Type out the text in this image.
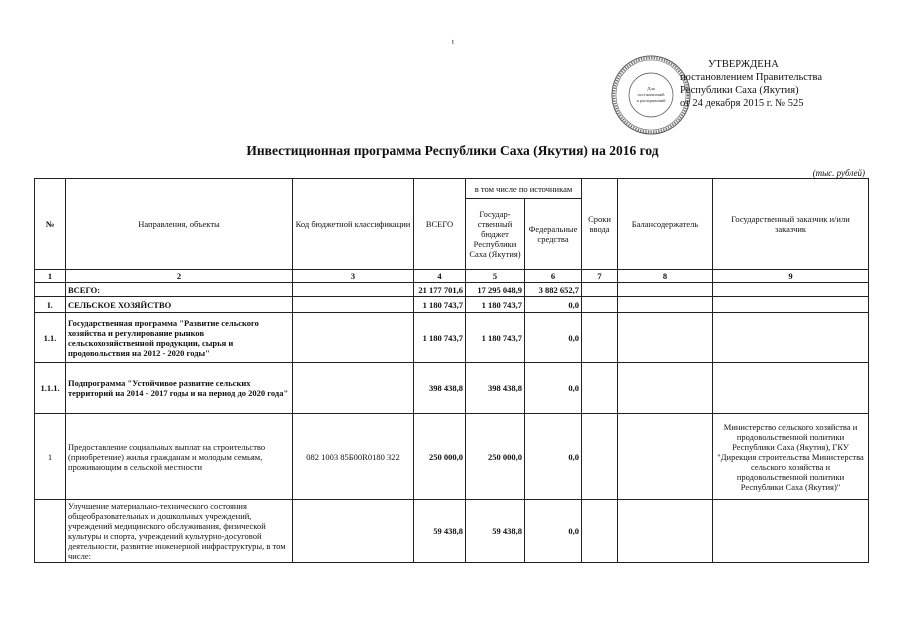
t
Для
постановлений
и распоряжений
УТВЕРЖДЕНА
постановлением Правительства
Республики Саха (Якутия)
от 24 декабря 2015 г. № 525
Инвестиционная программа Республики Саха (Якутия) на 2016 год
(тыс. рублей)
№	Направления, объекты	Код бюджетной классификации	ВСЕГО	в том числе по источникам		Сроки ввода	Балансодержатель	Государственный заказчик и/или заказчик
				Государ-ственный бюджет Республики Саха (Якутия)	Федеральные средства			
1	2	3	4	5	6	7	8	9
	ВСЕГО:		21 177 701,6	17 295 048,9	3 882 652,7			
I.	СЕЛЬСКОЕ ХОЗЯЙСТВО		1 180 743,7	1 180 743,7	0,0			
1.1.	Государственная программа "Развитие сельского хозяйства и регулирование рынков сельскохозяйственной продукции, сырья и продовольствия на 2012 - 2020 годы"		1 180 743,7	1 180 743,7	0,0			
1.1.1.	Подпрограмма "Устойчивое развитие сельских территорий на 2014 - 2017 годы и на период до 2020 года"		398 438,8	398 438,8	0,0			
1	Предоставление социальных выплат на строительство (приобретение) жилья гражданам и молодым семьям, проживающим в сельской местности	082 1003 85Б00R0180 322	250 000,0	250 000,0	0,0			Министерство сельского хозяйства и продовольственной политики Республики Саха (Якутия), ГКУ "Дирекция строительства Министерства сельского хозяйства и продовольственной политики Республики Саха (Якутия)"
	Улучшение материально-технического состояния общеобразовательных и дошкольных учреждений, учреждений медицинского обслуживания, физической культуры и спорта, учреждений культурно-досуговой деятельности, развитие инженерной инфраструктуры, в том числе:		59 438,8	59 438,8	0,0			
